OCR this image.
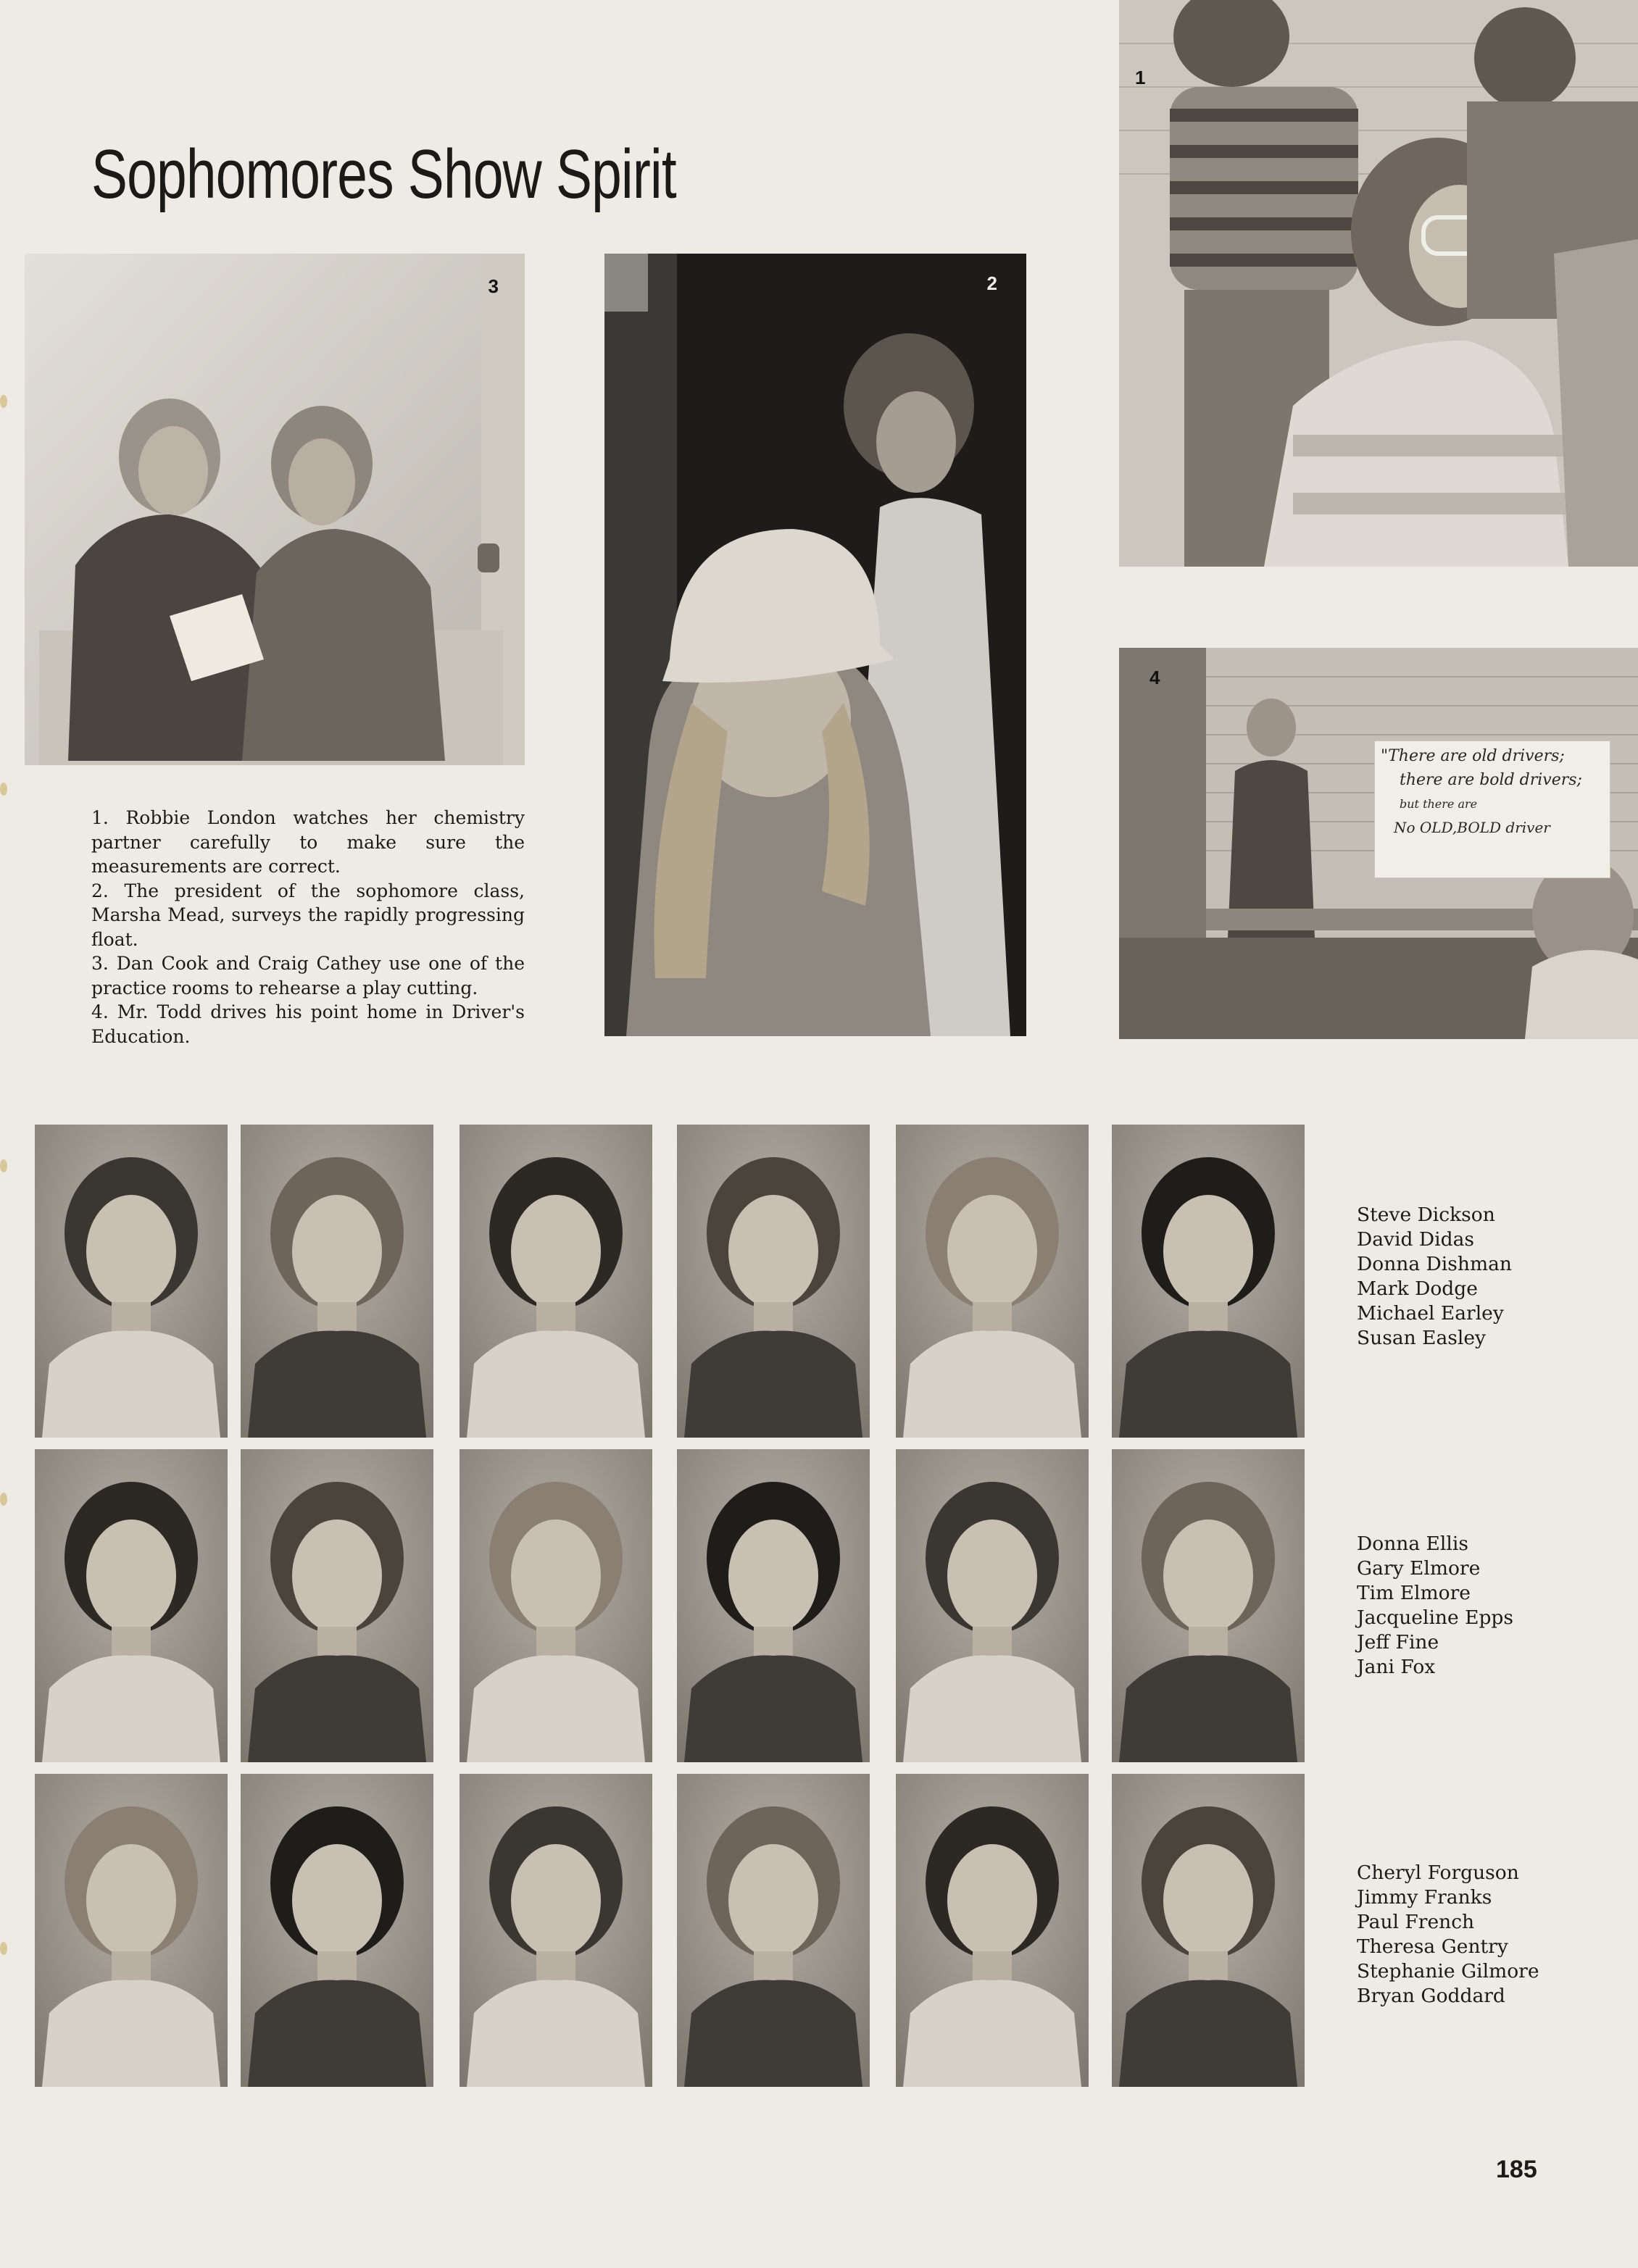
Sophomores Show Spirit
3	2
1
"There are old drivers;
there are bold drivers;
but there are
No OLD,BOLD driver
4

1. Robbie London watches her chemistry partner carefully to make sure the measurements are correct.

2. The president of the sophomore class, Marsha Mead, surveys the rapidly progressing float.

3. Dan Cook and Craig Cathey use one of the practice rooms to rehearse a play cutting.

4. Mr. Todd drives his point home in Driver's Education.

Steve Dickson
David Didas
Donna Dishman
Mark Dodge
Michael Earley
Susan Easley
Donna Ellis
Gary Elmore
Tim Elmore
Jacqueline Epps
Jeff Fine
Jani Fox
Cheryl Forguson
Jimmy Franks
Paul French
Theresa Gentry
Stephanie Gilmore
Bryan Goddard
185
